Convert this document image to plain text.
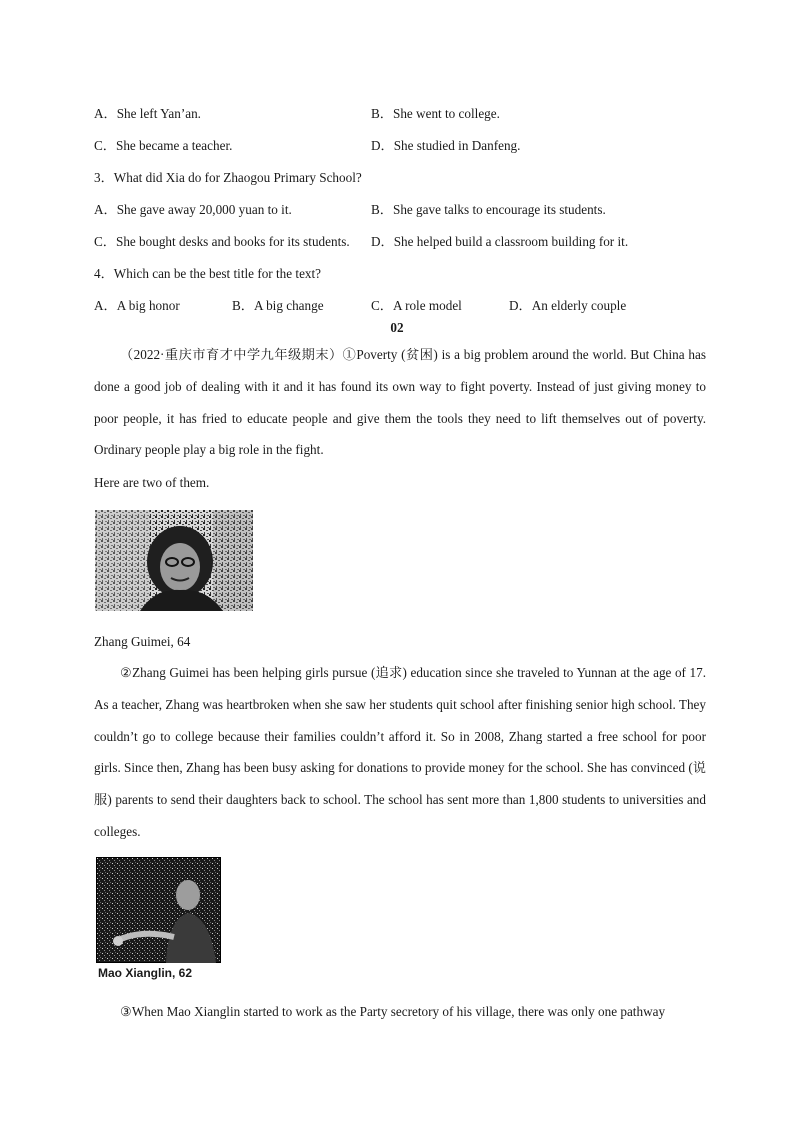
A．She left Yan’an.	B．She went to college.
C．She became a teacher.	D．She studied in Danfeng.
3．What did Xia do for Zhaogou Primary School?
A．She gave away 20,000 yuan to it.	B．She gave talks to encourage its students.
C．She bought desks and books for its students. D．She helped build a classroom building for it.
4．Which can be the best title for the text?
A．A big honor	B．A big change	C．A role model	D．An elderly couple
02
（2022·重庆市育才中学九年级期末）①Poverty (贫困) is a big problem around the world. But China has done a good job of dealing with it and it has found its own way to fight poverty. Instead of just giving money to poor people, it has fried to educate people and give them the tools they need to lift themselves out of poverty. Ordinary people play a big role in the fight.
Here are two of them.
Zhang Guimei, 64
②Zhang Guimei has been helping girls pursue (追求) education since she traveled to Yunnan at the age of 17. As a teacher, Zhang was heartbroken when she saw her students quit school after finishing senior high school. They couldn’t go to college because their families couldn’t afford it. So in 2008, Zhang started a free school for poor girls. Since then, Zhang has been busy asking for donations to provide money for the school. She has convinced (说服) parents to send their daughters back to school. The school has sent more than 1,800 students to universities and colleges.
Mao Xianglin, 62
③When Mao Xianglin started to work as the Party secretory of his village, there was only one pathway
